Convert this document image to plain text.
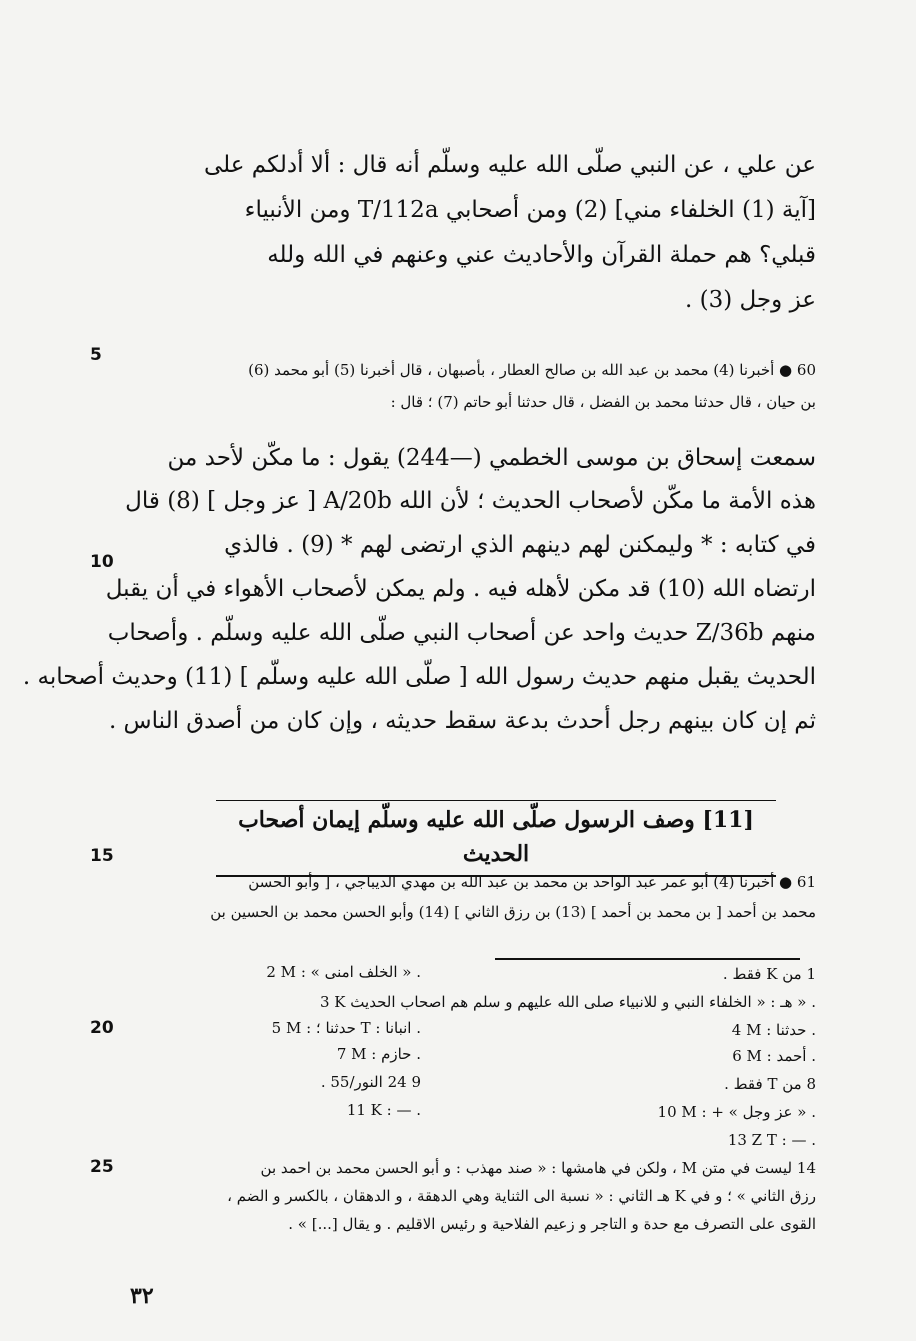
عن علي ، عن النبي صلّى الله عليه وسلّم أنه قال : ألا أدلكم على
[آية (1) الخلفاء مني] (2) ومن أصحابي T/112a ومن الأنبياء
قبلي؟ هم حملة القرآن والأحاديث عني وعنهم في الله ولله
عز وجل (3) .
5
60 ● أخبرنا (4) محمد بن عبد الله بن صالح العطار ، بأصبهان ، قال أخبرنا (5) أبو محمد (6)
بن حيان ، قال حدثنا محمد بن الفضل ، قال حدثنا أبو حاتم (7) ؛ قال :
سمعت إسحاق بن موسى الخطمي (—244) يقول : ما مكّن لأحد من
هذه الأمة ما مكّن لأصحاب الحديث ؛ لأن الله A/20b [ عز وجل ] (8) قال
في كتابه : * وليمكنن لهم دينهم الذي ارتضى لهم * (9) . فالذي
10
ارتضاه الله (10) قد مكن لأهله فيه . ولم يمكن لأصحاب الأهواء في أن يقبل
منهم Z/36b حديث واحد عن أصحاب النبي صلّى الله عليه وسلّم . وأصحاب
الحديث يقبل منهم حديث رسول الله [ صلّى الله عليه وسلّم ] (11) وحديث أصحابه .
ثم إن كان بينهم رجل أحدث بدعة سقط حديثه ، وإن كان من أصدق الناس .
[11] وصف الرسول صلّى الله عليه وسلّم إيمان أصحاب الحديث
15
61 ● أخبرنا (4) أبو عمر عبد الواحد بن محمد بن عبد الله بن مهدي الديباجي ، [ وأبو الحسن
محمد بن أحمد [ بن محمد بن أحمد ] (13) بن رزق الثاني ] (14) وأبو الحسن محمد بن الحسين بن
1 من K فقط .
3 K هـ : « الخلفاء النبي و للانبياء صلى الله عليهم و سلم هم اصحاب الحديث » .
4 M : حدثنا .
6 M : أحمد .
8 من T فقط .
10 M : + « عز وجل » .
13 Z T : — .
2 M : « الخلف امنى » .
5 M : حدثنا ؛ T : انبانا .
7 M : حازم .
9 24 النور/55 .
11 K : — .
20
25	14 ليست في متن M ، ولكن في هامشها : « صند مهذب : و أبو الحسن محمد بن احمد بن
رزق الثاني » ؛ و في K هـ الثاني : « نسبة الى الثناية وهي الدهقة ، و الدهقان ، بالكسر و الضم ،
القوى على التصرف مع حدة و التاجر و زعيم الفلاحية و رئيس الاقليم . و يقال [...] » .
٣٢
